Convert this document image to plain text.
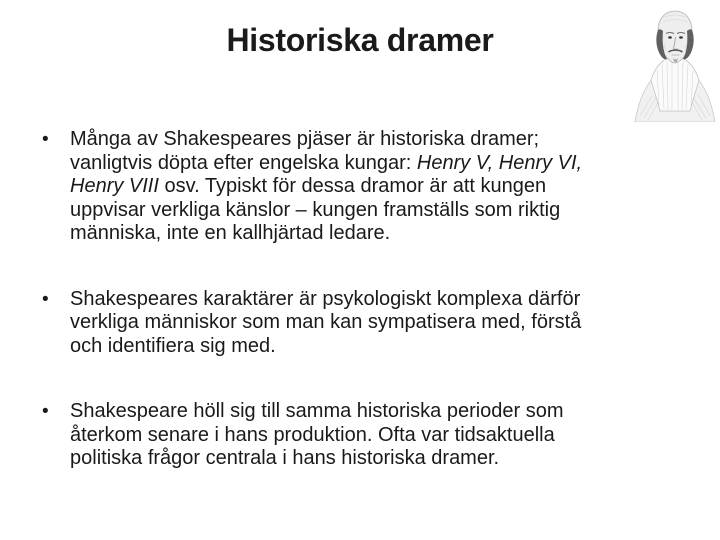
Historiska dramer
•	Många av Shakespeares pjäser är historiska dramer; vanligtvis döpta efter engelska kungar: Henry V, Henry VI, Henry VIII osv. Typiskt för dessa dramor är att kungen uppvisar verkliga känslor – kungen framställs som riktig människa, inte en kallhjärtad ledare.

•	Shakespeares karaktärer är psykologiskt komplexa därför verkliga människor som man kan sympatisera med, förstå och identifiera sig med.

•	Shakespeare höll sig till samma historiska perioder som återkom senare i hans produktion. Ofta var tidsaktuella politiska frågor centrala i hans historiska dramer.
